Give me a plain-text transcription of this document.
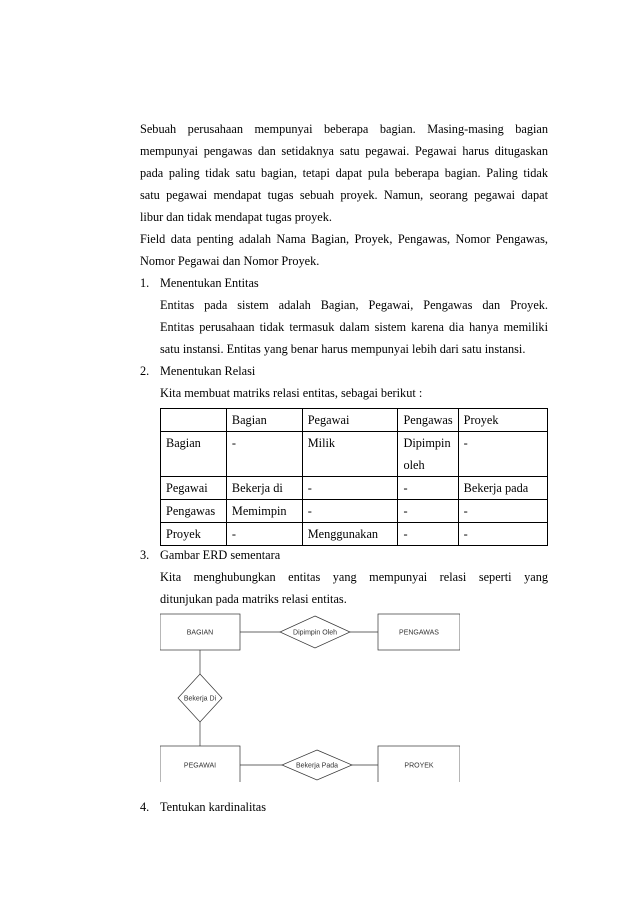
Sebuah perusahaan mempunyai beberapa bagian. Masing-masing bagian
mempunyai pengawas dan setidaknya satu pegawai. Pegawai harus ditugaskan
pada paling tidak satu bagian, tetapi dapat pula beberapa bagian. Paling tidak
satu pegawai mendapat tugas sebuah proyek. Namun, seorang pegawai dapat
libur dan tidak mendapat tugas proyek.
Field data penting adalah Nama Bagian, Proyek, Pengawas, Nomor Pengawas,
Nomor Pegawai dan Nomor Proyek.
1. Menentukan Entitas
Entitas pada sistem adalah Bagian, Pegawai, Pengawas dan Proyek.
Entitas perusahaan tidak termasuk dalam sistem karena dia hanya memiliki
satu instansi. Entitas yang benar harus mempunyai lebih dari satu instansi.
2. Menentukan Relasi
Kita membuat matriks relasi entitas, sebagai berikut :
	Bagian	Pegawai	Pengawas	Proyek
Bagian	-	Milik	Dipimpin oleh	-
Pegawai	Bekerja di	-	-	Bekerja pada
Pengawas	Memimpin	-	-	-
Proyek	-	Menggunakan	-	-
3. Gambar ERD sementara
Kita menghubungkan entitas yang mempunyai relasi seperti yang
ditunjukan pada matriks relasi entitas.
BAGIAN	PENGAWAS
PEGAWAI	PROYEK
Dipimpin Oleh
Bekerja Di
Bekerja Pada
4. Tentukan kardinalitas
